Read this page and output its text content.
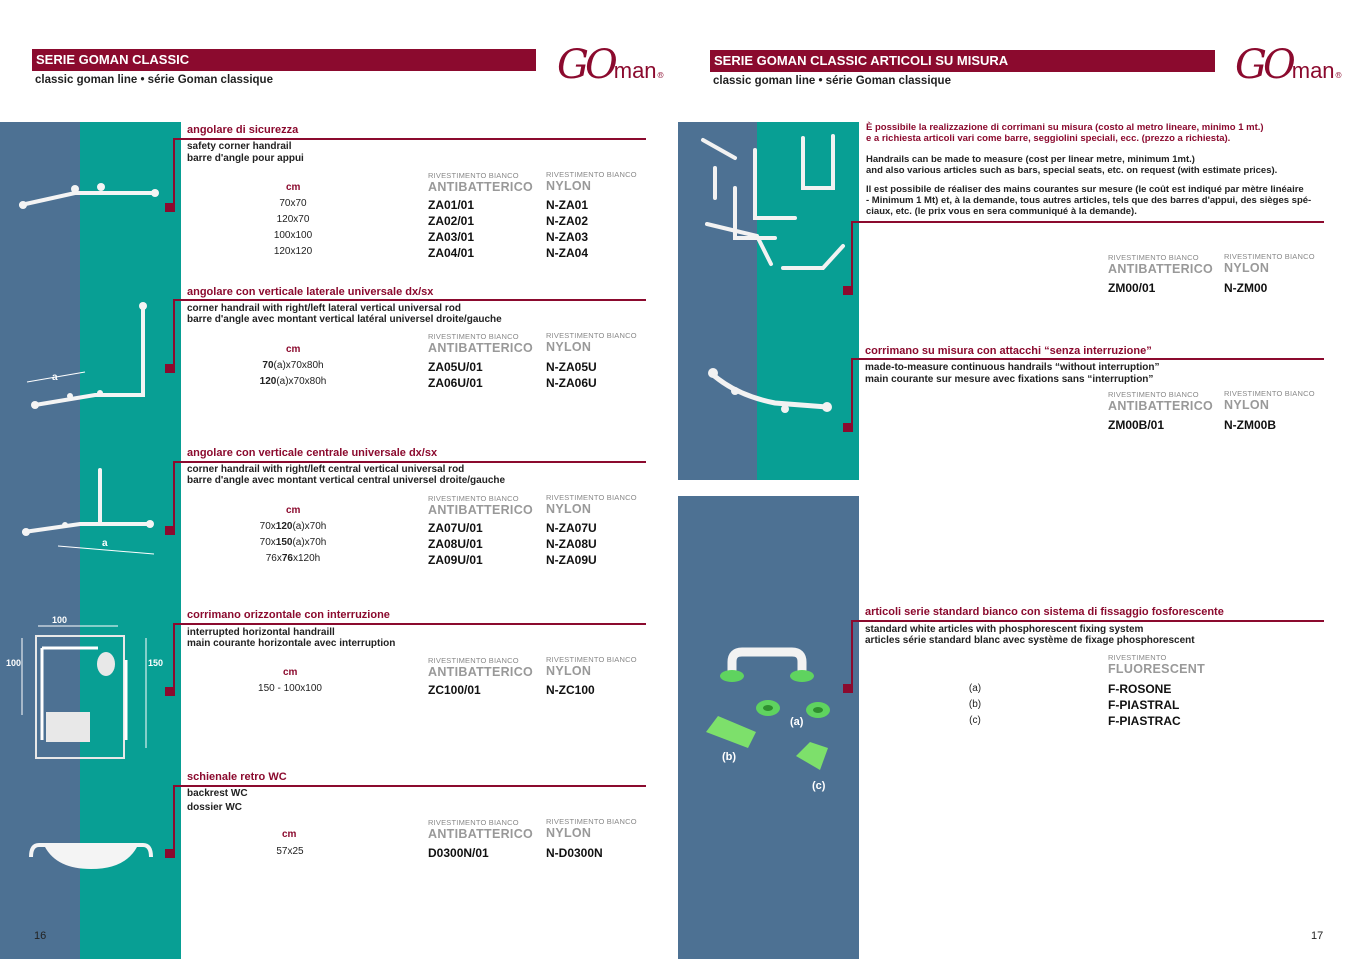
SERIE GOMAN CLASSIC
classic goman line • série Goman classique	GOman®
a
a
100
100	150
angolare di sicurezza
safety corner handrail
barre d'angle pour appui
RIVESTIMENTO BIANCO
ANTIBATTERICO
RIVESTIMENTO BIANCO
NYLON
cm
70x70	ZA01/01	N-ZA01
120x70	ZA02/01	N-ZA02
100x100	ZA03/01	N-ZA03
120x120	ZA04/01	N-ZA04
angolare con verticale laterale universale dx/sx
corner handrail with right/left lateral vertical universal rod
barre d'angle avec montant vertical latéral universel droite/gauche
RIVESTIMENTO BIANCO
ANTIBATTERICO
RIVESTIMENTO BIANCO
NYLON
cm
70(a)x70x80h	ZA05U/01	N-ZA05U
120(a)x70x80h	ZA06U/01	N-ZA06U
angolare con verticale centrale universale dx/sx
corner handrail with right/left central vertical universal rod
barre d'angle avec montant vertical central universel droite/gauche
RIVESTIMENTO BIANCO
ANTIBATTERICO
RIVESTIMENTO BIANCO
NYLON
cm
70x120(a)x70h	ZA07U/01	N-ZA07U
70x150(a)x70h	ZA08U/01	N-ZA08U
76x76x120h	ZA09U/01	N-ZA09U
corrimano orizzontale con interruzione
interrupted horizontal handraill
main courante horizontale avec interruption
RIVESTIMENTO BIANCO
ANTIBATTERICO
RIVESTIMENTO BIANCO
NYLON
cm
150 - 100x100	ZC100/01	N-ZC100
schienale retro WC
backrest WC
dossier WC
RIVESTIMENTO BIANCO
ANTIBATTERICO
RIVESTIMENTO BIANCO
NYLON
cm
57x25	D0300N/01	N-D0300N
16
SERIE GOMAN CLASSIC ARTICOLI SU MISURA
classic goman line • série Goman classique	GOman®
(a)
(b)
(c)
È possibile la realizzazione di corrimani su misura (costo al metro lineare, minimo 1 mt.)
e a richiesta articoli vari come barre, seggiolini speciali, ecc. (prezzo a richiesta).
Handrails can be made to measure (cost per linear metre, minimum 1mt.)
and also various articles such as bars, special seats, etc. on request (with estimate prices).
Il est possibile de réaliser des mains courantes sur mesure (le coût est indiqué par mètre linéaire
- Minimum 1 Mt) et, à la demande, tous autres articles, tels que des barres d'appui, des sièges spé-
ciaux, etc. (le prix vous en sera communiqué à la demande).
RIVESTIMENTO BIANCO
ANTIBATTERICO
RIVESTIMENTO BIANCO
NYLON
ZM00/01	N-ZM00
corrimano su misura con attacchi “senza interruzione”
made-to-measure continuous handrails “without interruption”
main courante sur mesure avec fixations sans “interruption”
RIVESTIMENTO BIANCO
ANTIBATTERICO
RIVESTIMENTO BIANCO
NYLON
ZM00B/01	N-ZM00B
articoli serie standard bianco con sistema di fissaggio fosforescente
standard white articles with phosphorescent fixing system
articles série standard blanc avec système de fixage phosphorescent
RIVESTIMENTO
FLUORESCENT
(a)	F-ROSONE
(b)	F-PIASTRAL
(c)	F-PIASTRAC
17
